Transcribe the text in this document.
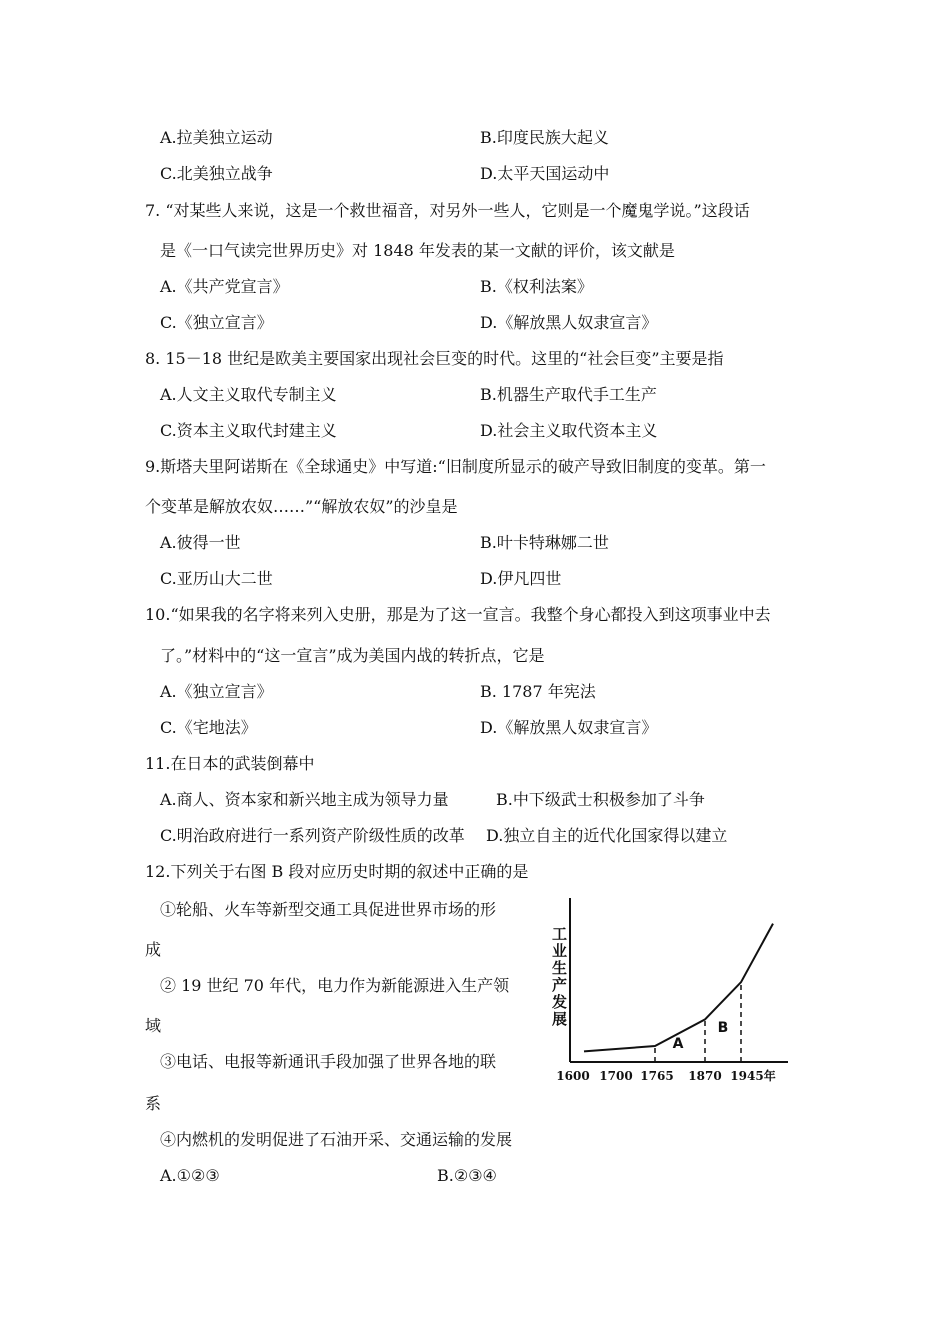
A.拉美独立运动	B.印度民族大起义
C.北美独立战争	D.太平天国运动中
7. “对某些人来说，这是一个救世福音，对另外一些人，它则是一个魔鬼学说。”这段话
是《一口气读完世界历史》对 1848 年发表的某一文献的评价，该文献是
A.《共产党宣言》	B.《权利法案》
C.《独立宣言》	D.《解放黑人奴隶宣言》
8. 15－18 世纪是欧美主要国家出现社会巨变的时代。这里的“社会巨变”主要是指
A.人文主义取代专制主义	B.机器生产取代手工生产
C.资本主义取代封建主义	D.社会主义取代资本主义
9.斯塔夫里阿诺斯在《全球通史》中写道:“旧制度所显示的破产导致旧制度的变革。第一
个变革是解放农奴……”“解放农奴”的沙皇是
A.彼得一世	B.叶卡特琳娜二世
C.亚历山大二世	D.伊凡四世
10.“如果我的名字将来列入史册，那是为了这一宣言。我整个身心都投入到这项事业中去
了。”材料中的“这一宣言”成为美国内战的转折点，它是
A.《独立宣言》	B. 1787 年宪法
C.《宅地法》	D.《解放黑人奴隶宣言》
11.在日本的武装倒幕中
A.商人、资本家和新兴地主成为领导力量	B.中下级武士积极参加了斗争
C.明治政府进行一系列资产阶级性质的改革 D.独立自主的近代化国家得以建立
12.下列关于右图 B 段对应历史时期的叙述中正确的是
①轮船、火车等新型交通工具促进世界市场的形
成
② 19 世纪 70 年代，电力作为新能源进入生产领
域
③电话、电报等新通讯手段加强了世界各地的联
系
④内燃机的发明促进了石油开采、交通运输的发展
A.①②③	B.②③④
工业生产发展
A
B
1600 1700 1765 1870 1945年
